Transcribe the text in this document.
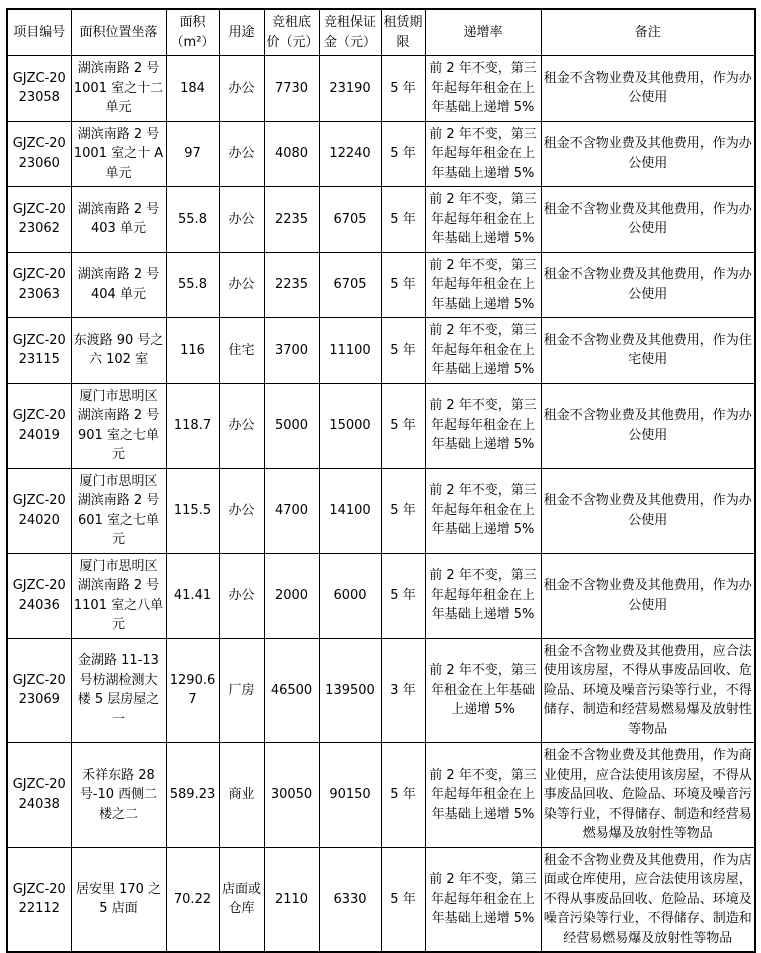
项目编号	面积位置坐落	面积（m²）	用途	竞租底价（元）	竞租保证金（元）	租赁期限	递增率	备注
GJZC-2023058	湖滨南路 2 号 1001 室之十二单元	184	办公	7730	23190	5 年	前 2 年不变，第三年起每年租金在上年基础上递增 5%	租金不含物业费及其他费用，作为办公使用
GJZC-2023060	湖滨南路 2 号 1001 室之十 A 单元	97	办公	4080	12240	5 年	前 2 年不变，第三年起每年租金在上年基础上递增 5%	租金不含物业费及其他费用，作为办公使用
GJZC-2023062	湖滨南路 2 号 403 单元	55.8	办公	2235	6705	5 年	前 2 年不变，第三年起每年租金在上年基础上递增 5%	租金不含物业费及其他费用，作为办公使用
GJZC-2023063	湖滨南路 2 号 404 单元	55.8	办公	2235	6705	5 年	前 2 年不变，第三年起每年租金在上年基础上递增 5%	租金不含物业费及其他费用，作为办公使用
GJZC-2023115	东渡路 90 号之六 102 室	116	住宅	3700	11100	5 年	前 2 年不变，第三年起每年租金在上年基础上递增 5%	租金不含物业费及其他费用，作为住宅使用
GJZC-2024019	厦门市思明区湖滨南路 2 号 901 室之七单元	118.7	办公	5000	15000	5 年	前 2 年不变，第三年起每年租金在上年基础上递增 5%	租金不含物业费及其他费用，作为办公使用
GJZC-2024020	厦门市思明区湖滨南路 2 号 601 室之七单元	115.5	办公	4700	14100	5 年	前 2 年不变，第三年起每年租金在上年基础上递增 5%	租金不含物业费及其他费用，作为办公使用
GJZC-2024036	厦门市思明区湖滨南路 2 号 1101 室之八单元	41.41	办公	2000	6000	5 年	前 2 年不变，第三年起每年租金在上年基础上递增 5%	租金不含物业费及其他费用，作为办公使用
GJZC-2023069	金湖路 11-13 号枋湖检测大楼 5 层房屋之一	1290.67	厂房	46500	139500	3 年	前 2 年不变，第三年租金在上年基础上递增 5%	租金不含物业费及其他费用，应合法使用该房屋，不得从事废品回收、危险品、环境及噪音污染等行业，不得储存、制造和经营易燃易爆及放射性等物品
GJZC-2024038	禾祥东路 28 号-10 西侧二楼之二	589.23	商业	30050	90150	5 年	前 2 年不变，第三年起每年租金在上年基础上递增 5%	租金不含物业费及其他费用，作为商业使用，应合法使用该房屋，不得从事废品回收、危险品、环境及噪音污染等行业，不得储存、制造和经营易燃易爆及放射性等物品
GJZC-2022112	居安里 170 之 5 店面	70.22	店面或仓库	2110	6330	5 年	前 2 年不变，第三年起每年租金在上年基础上递增 5%	租金不含物业费及其他费用，作为店面或仓库使用，应合法使用该房屋，不得从事废品回收、危险品、环境及噪音污染等行业，不得储存、制造和经营易燃易爆及放射性等物品
